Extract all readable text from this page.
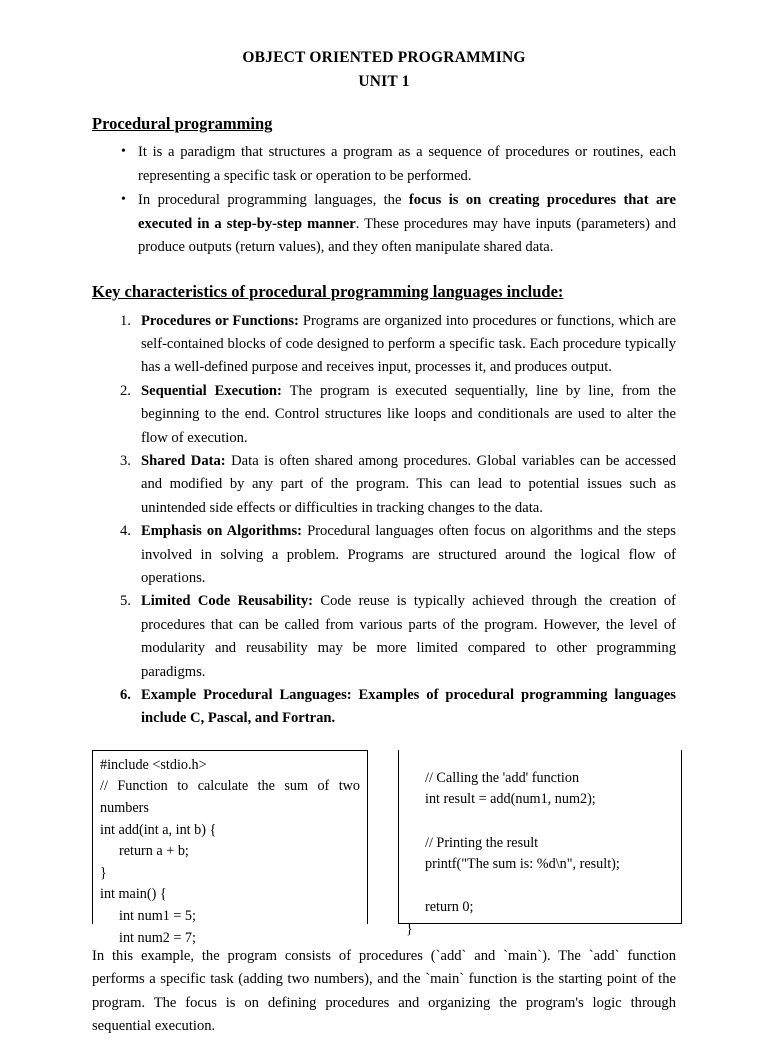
OBJECT ORIENTED PROGRAMMING
UNIT 1
Procedural programming
• It is a paradigm that structures a program as a sequence of procedures or routines, each representing a specific task or operation to be performed.
• In procedural programming languages, the focus is on creating procedures that are executed in a step-by-step manner. These procedures may have inputs (parameters) and produce outputs (return values), and they often manipulate shared data.
Key characteristics of procedural programming languages include:
Procedures or Functions: Programs are organized into procedures or functions, which are self-contained blocks of code designed to perform a specific task. Each procedure typically has a well-defined purpose and receives input, processes it, and produces output.
Sequential Execution: The program is executed sequentially, line by line, from the beginning to the end. Control structures like loops and conditionals are used to alter the flow of execution.
Shared Data: Data is often shared among procedures. Global variables can be accessed and modified by any part of the program. This can lead to potential issues such as unintended side effects or difficulties in tracking changes to the data.
Emphasis on Algorithms: Procedural languages often focus on algorithms and the steps involved in solving a problem. Programs are structured around the logical flow of operations.
Limited Code Reusability: Code reuse is typically achieved through the creation of procedures that can be called from various parts of the program. However, the level of modularity and reusability may be more limited compared to other programming paradigms.
Example Procedural Languages: Examples of procedural programming languages include C, Pascal, and Fortran.
#include <stdio.h>
// Function to calculate the sum of two
numbers
int add(int a, int b) {
return a + b;
}
int main() {
int num1 = 5;
int num2 = 7;
// Calling the 'add' function
int result = add(num1, num2);
// Printing the result
printf("The sum is: %d\n", result);
return 0;
}
In this example, the program consists of procedures (`add` and `main`). The `add` function performs a specific task (adding two numbers), and the `main` function is the starting point of the program. The focus is on defining procedures and organizing the program's logic through sequential execution.
